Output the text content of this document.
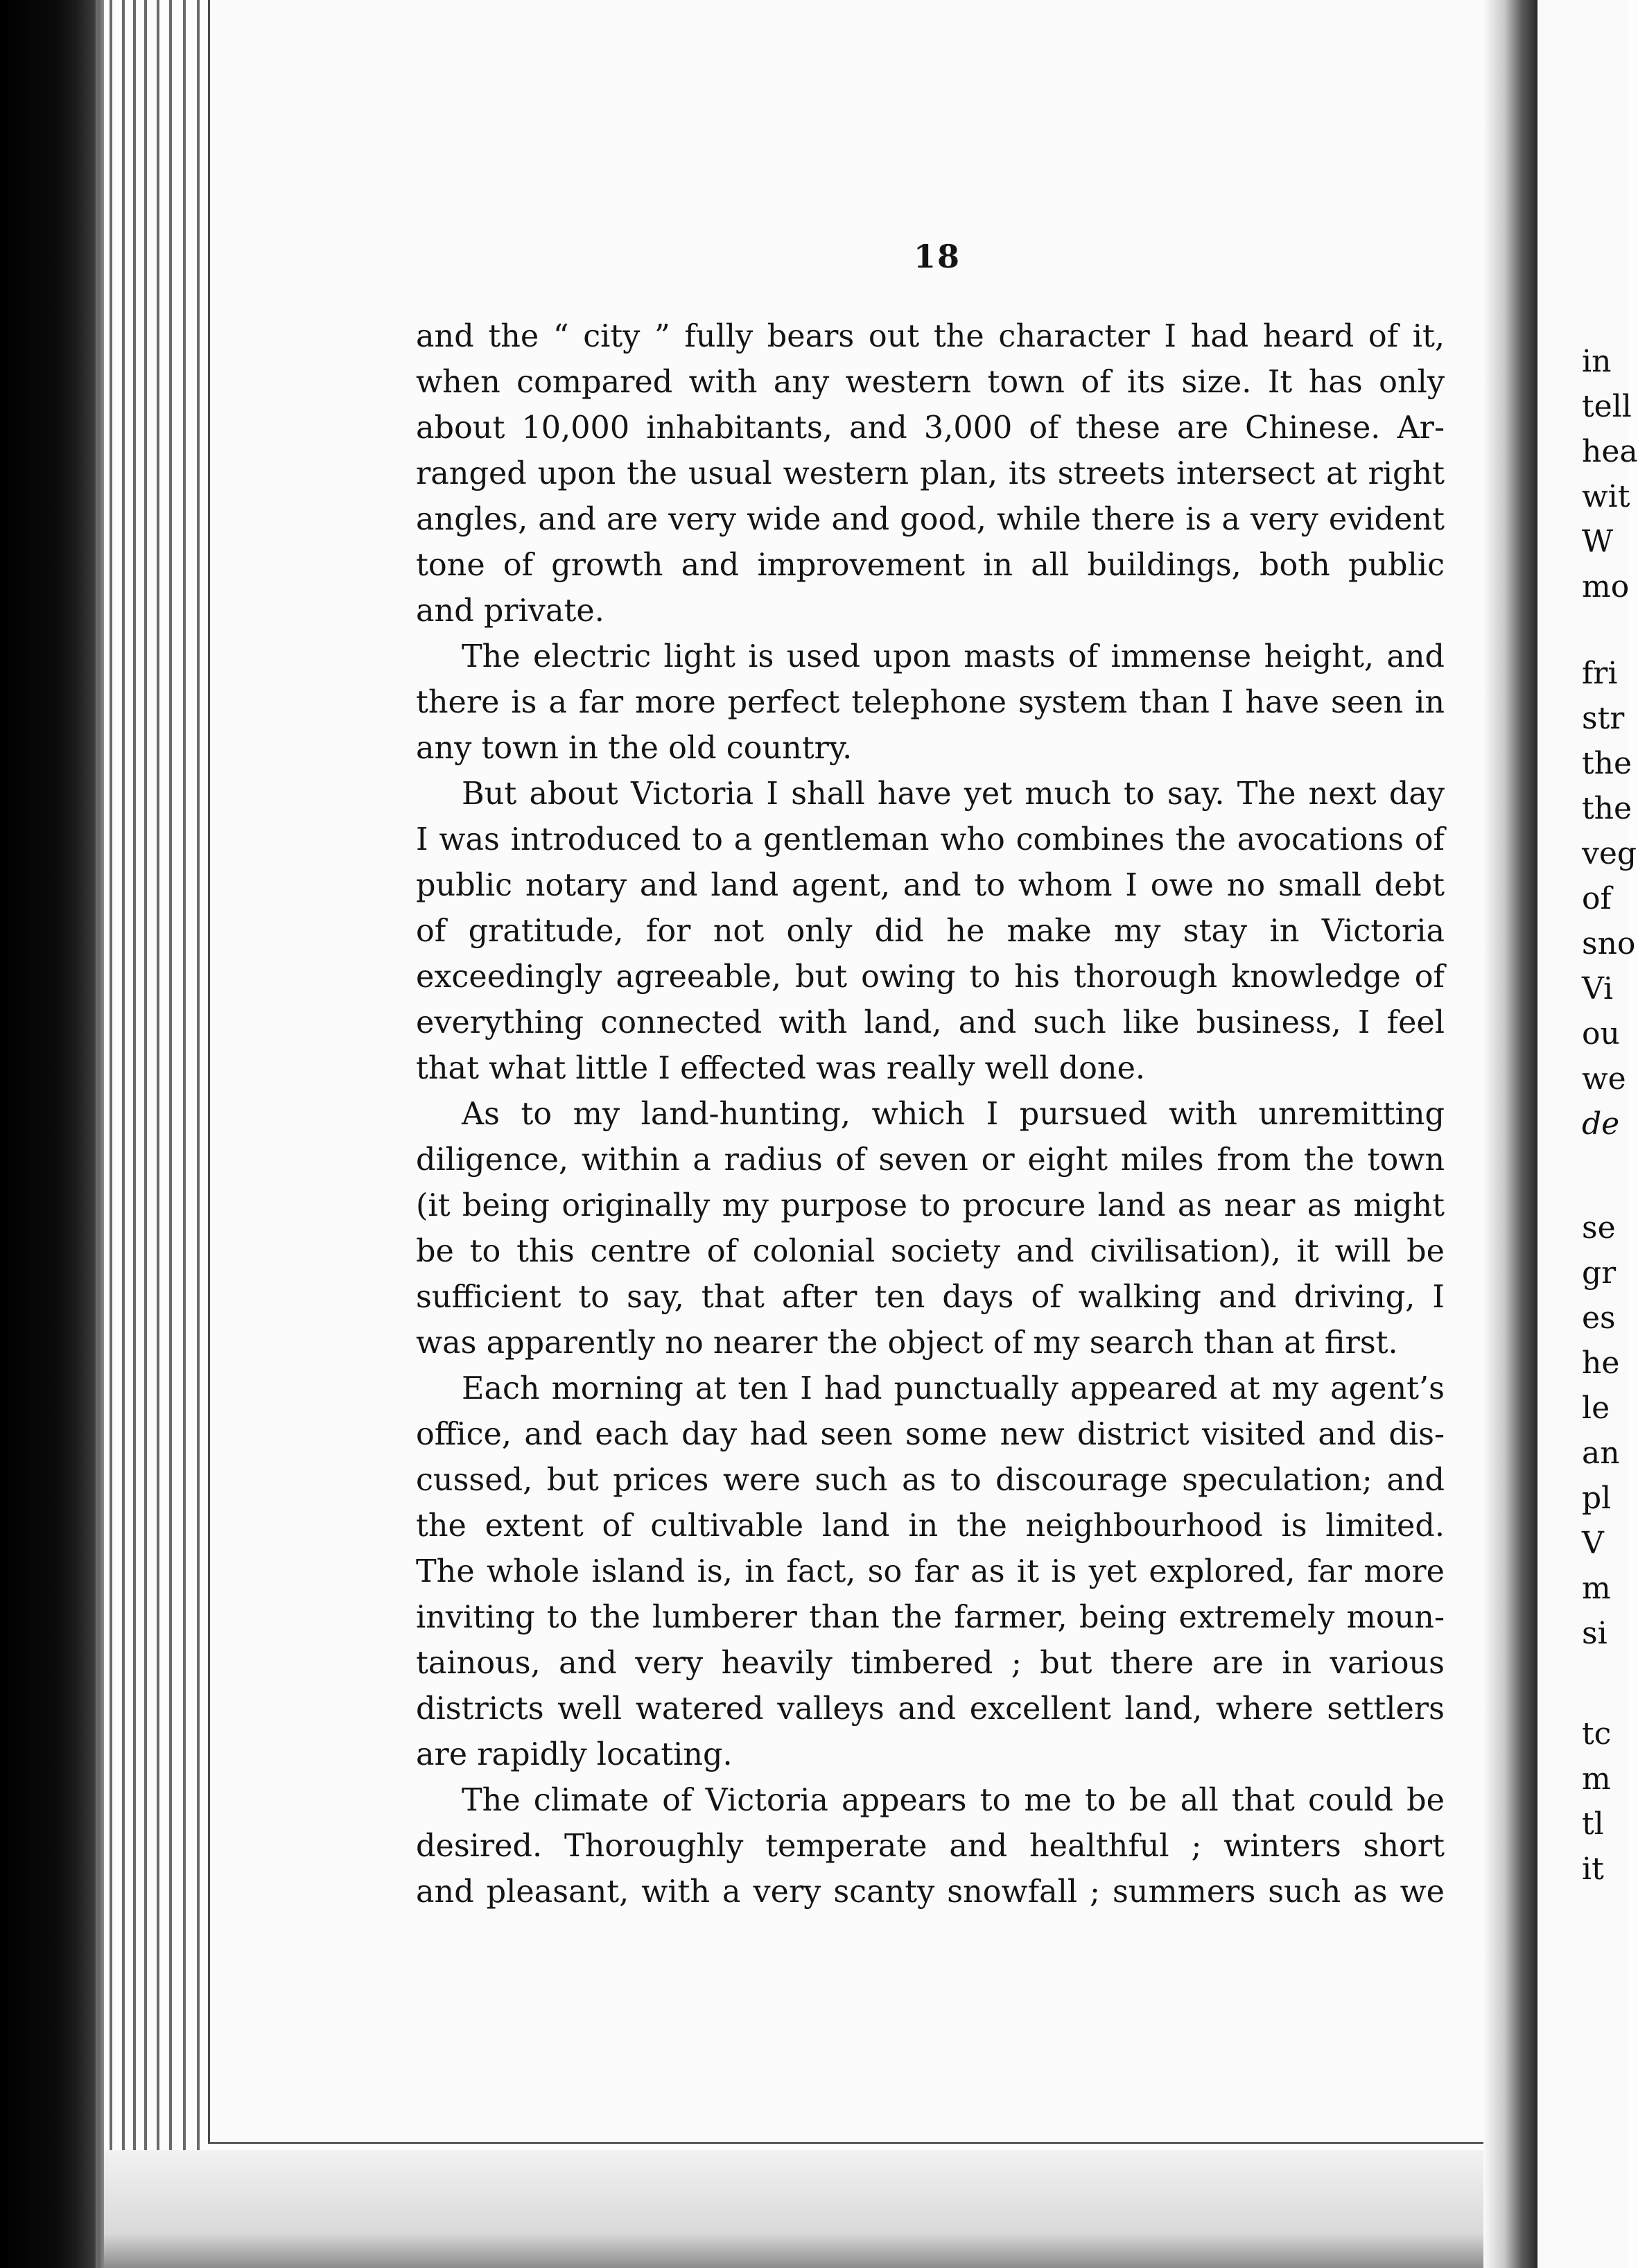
18
and the “ city ” fully bears out the character I had heard of it,
when compared with any western town of its size. It has only
about 10,000 inhabitants, and 3,000 of these are Chinese. Ar-
ranged upon the usual western plan, its streets intersect at right
angles, and are very wide and good, while there is a very evident
tone of growth and improvement in all buildings, both public
and private.
The electric light is used upon masts of immense height, and
there is a far more perfect telephone system than I have seen in
any town in the old country.
But about Victoria I shall have yet much to say. The next day
I was introduced to a gentleman who combines the avocations of
public notary and land agent, and to whom I owe no small debt
of gratitude, for not only did he make my stay in Victoria
exceedingly agreeable, but owing to his thorough knowledge of
everything connected with land, and such like business, I feel
that what little I effected was really well done.
As to my land-hunting, which I pursued with unremitting
diligence, within a radius of seven or eight miles from the town
(it being originally my purpose to procure land as near as might
be to this centre of colonial society and civilisation), it will be
sufficient to say, that after ten days of walking and driving, I
was apparently no nearer the object of my search than at first.
Each morning at ten I had punctually appeared at my agent’s
office, and each day had seen some new district visited and dis-
cussed, but prices were such as to discourage speculation; and
the extent of cultivable land in the neighbourhood is limited.
The whole island is, in fact, so far as it is yet explored, far more
inviting to the lumberer than the farmer, being extremely moun-
tainous, and very heavily timbered ; but there are in various
districts well watered valleys and excellent land, where settlers
are rapidly locating.
The climate of Victoria appears to me to be all that could be
desired. Thoroughly temperate and healthful ; winters short
and pleasant, with a very scanty snowfall ; summers such as we
in
tell
hea
wit
W
mo
fri
str
the
the
veg
of
sno
Vi
ou
we
de
se
gr
es
he
le
an
pl
V
m
si
tc
m
tl
it
